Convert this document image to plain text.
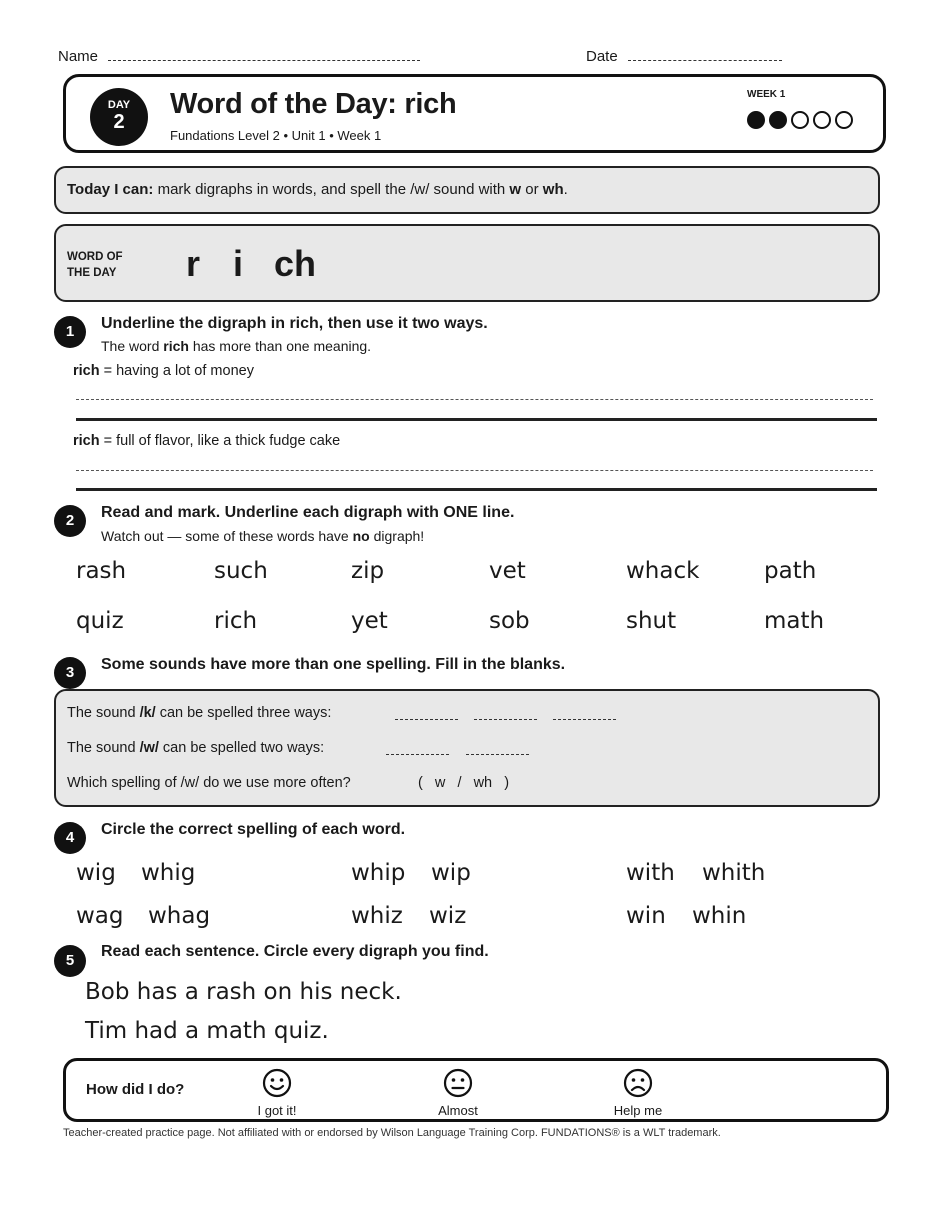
Name	Date
DAY
2
Word of the Day: rich
Fundations Level 2 • Unit 1 • Week 1
WEEK 1
Today I can: mark digraphs in words, and spell the /w/ sound with w or wh.
WORD OF
THE DAY	r i ch
1	Underline the digraph in rich, then use it two ways.
The word rich has more than one meaning.
rich = having a lot of money
rich = full of flavor, like a thick fudge cake
2	Read and mark. Underline each digraph with ONE line.
Watch out — some of these words have no digraph!
rash	such	zip	vet	whack	path
quiz	rich	yet	sob	shut	math
3	Some sounds have more than one spelling. Fill in the blanks.
The sound /k/ can be spelled three ways:
The sound /w/ can be spelled two ways:
Which spelling of /w/ do we use more often?	(   w   /   wh   )
4	Circle the correct spelling of each word.
wig whig	whip wip	with whith
wag whag	whiz wiz	win whin
5
Read each sentence. Circle every digraph you find.
Bob has a rash on his neck.
Tim had a math quiz.
How did I do?
I got it!	Almost	Help me
Teacher-created practice page. Not affiliated with or endorsed by Wilson Language Training Corp. FUNDATIONS® is a WLT trademark.
